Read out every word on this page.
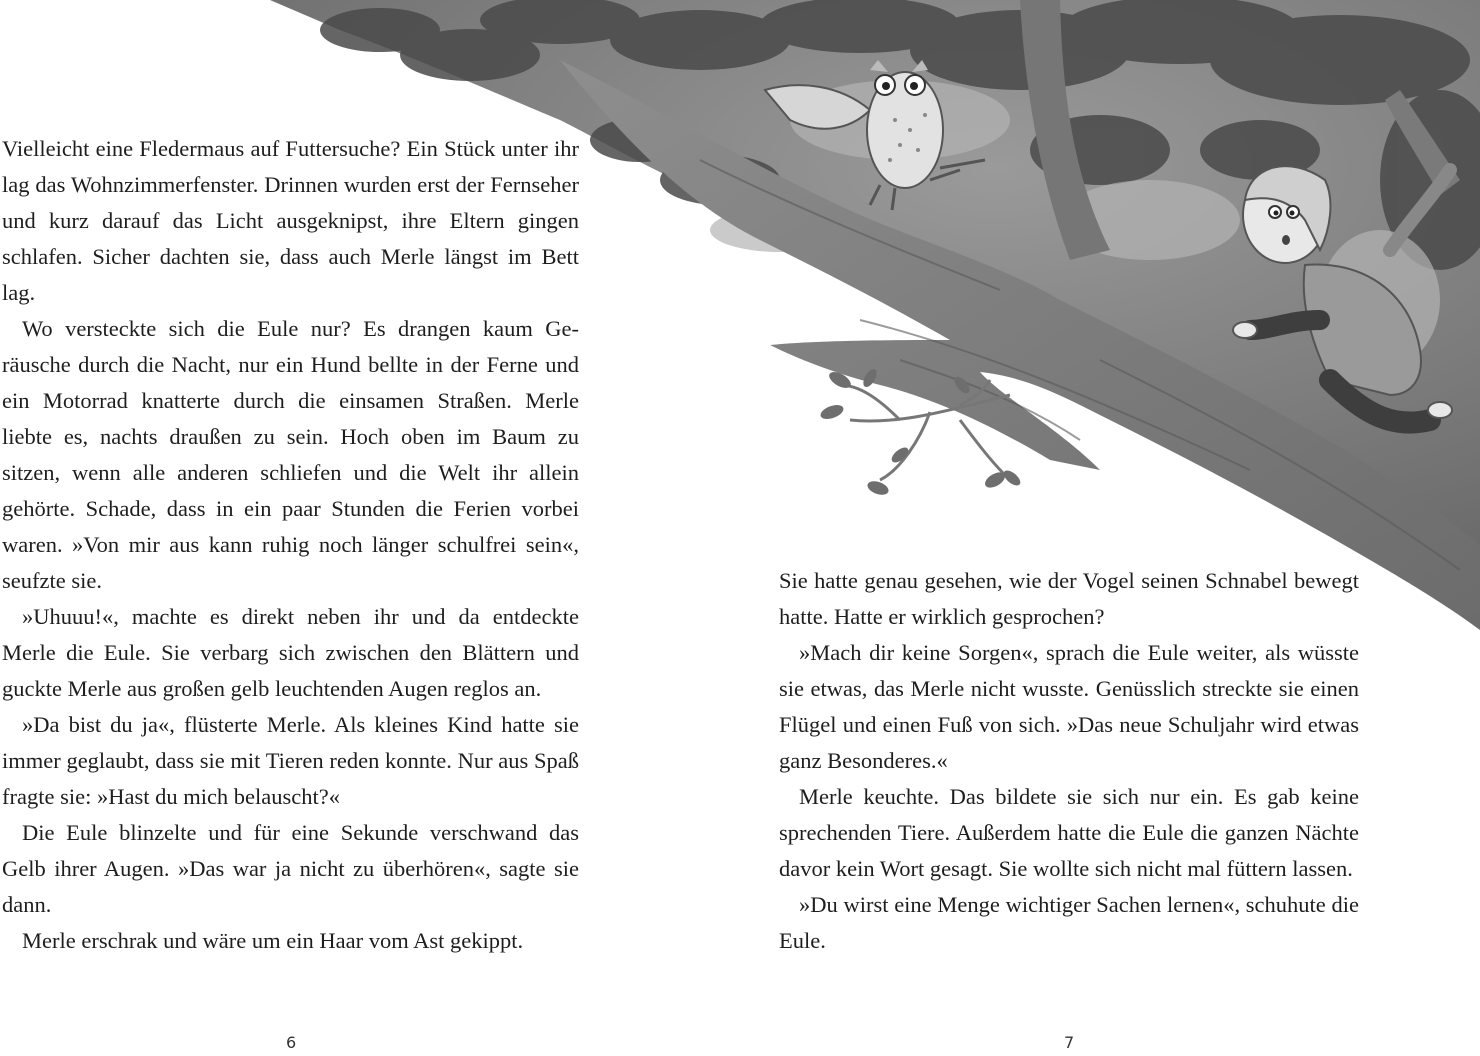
Vielleicht eine Fledermaus auf Futtersuche? Ein Stück unter ihr lag das Wohnzimmerfenster. Drinnen wurden erst der Fernseher und kurz darauf das Licht ausgeknipst, ihre Eltern gingen schlafen. Sicher dachten sie, dass auch Merle längst im Bett lag.

Wo versteckte sich die Eule nur? Es drangen kaum Geräusche durch die Nacht, nur ein Hund bellte in der Ferne und ein Motorrad knatterte durch die einsamen Straßen. Merle liebte es, nachts draußen zu sein. Hoch oben im Baum zu sitzen, wenn alle anderen schliefen und die Welt ihr allein gehörte. Schade, dass in ein paar Stunden die Ferien vorbei waren. »Von mir aus kann ruhig noch länger schulfrei sein«, seufzte sie.

»Uhuuu!«, machte es direkt neben ihr und da entdeckte Merle die Eule. Sie verbarg sich zwischen den Blättern und guckte Merle aus großen gelb leuchtenden Augen reglos an.

»Da bist du ja«, flüsterte Merle. Als kleines Kind hatte sie immer geglaubt, dass sie mit Tieren reden konnte. Nur aus Spaß fragte sie: »Hast du mich belauscht?«

Die Eule blinzelte und für eine Sekunde verschwand das Gelb ihrer Augen. »Das war ja nicht zu überhören«, sagte sie dann.

Merle erschrak und wäre um ein Haar vom Ast gekippt.

Sie hatte genau gesehen, wie der Vogel seinen Schnabel bewegt hatte. Hatte er wirklich gesprochen?

»Mach dir keine Sorgen«, sprach die Eule weiter, als wüsste sie etwas, das Merle nicht wusste. Genüsslich streckte sie einen Flügel und einen Fuß von sich. »Das neue Schuljahr wird etwas ganz Besonderes.«

Merle keuchte. Das bildete sie sich nur ein. Es gab keine sprechenden Tiere. Außerdem hatte die Eule die ganzen Nächte davor kein Wort gesagt. Sie wollte sich nicht mal füttern lassen.

»Du wirst eine Menge wichtiger Sachen lernen«, schuhute die Eule.

6	7
